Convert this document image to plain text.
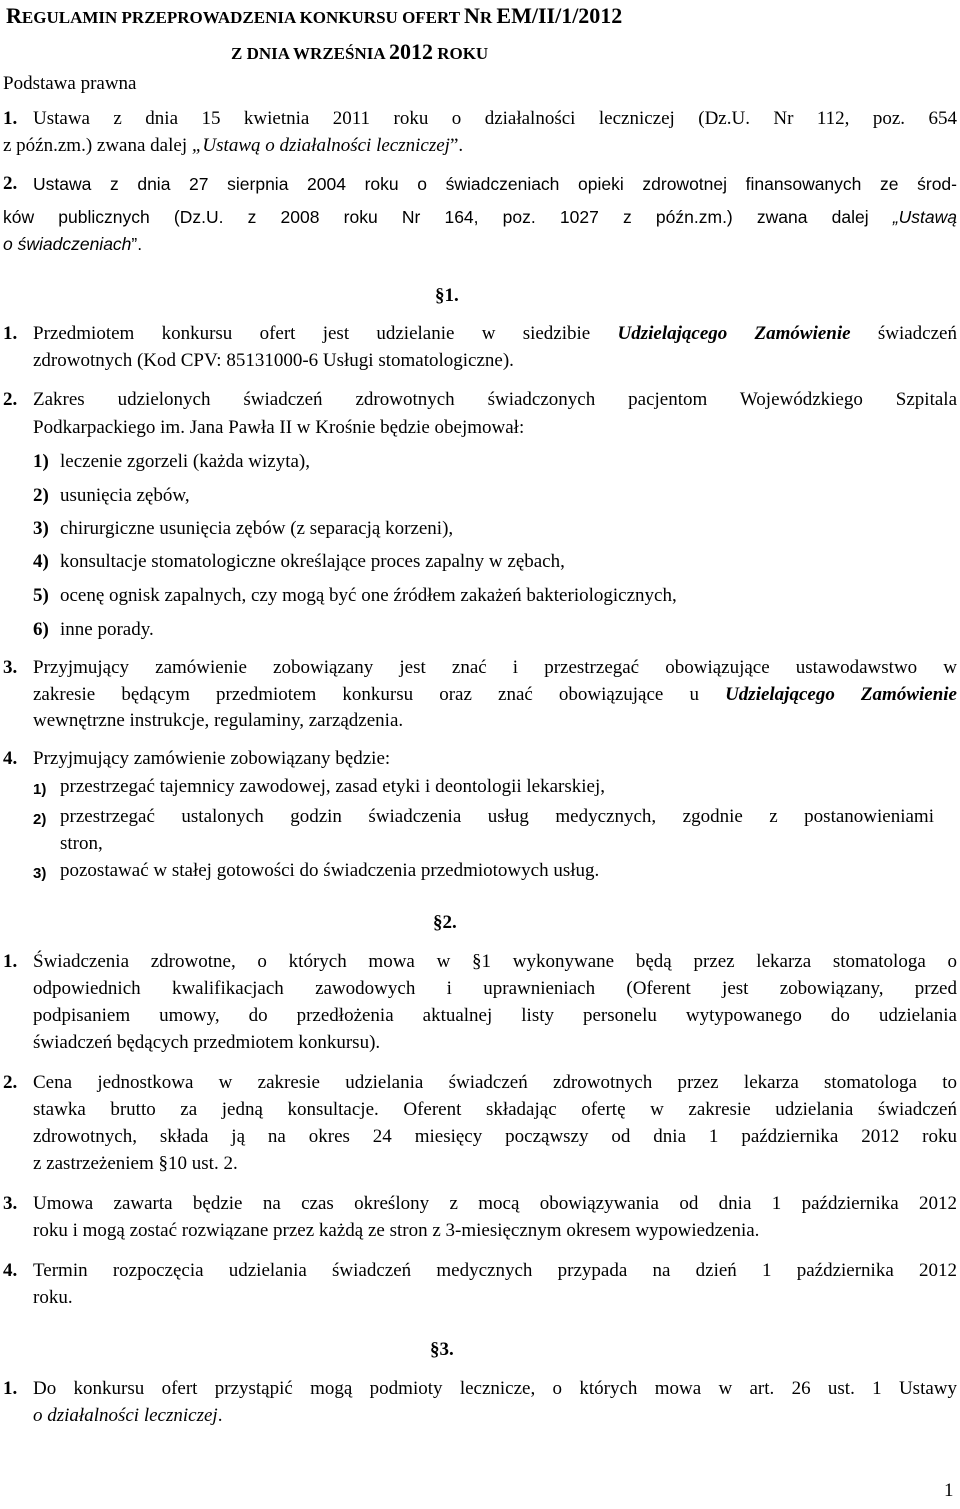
REGULAMIN PRZEPROWADZENIA KONKURSU OFERT NR EM/II/1/2012
Z DNIA WRZEŚNIA 2012 ROKU
Podstawa prawna
1. Ustawa z dnia 15 kwietnia 2011 roku o działalności leczniczej (Dz.U. Nr 112, poz. 654
z późn.zm.) zwana dalej „Ustawą o działalności leczniczej”.
2. Ustawa z dnia 27 sierpnia 2004 roku o świadczeniach opieki zdrowotnej finansowanych ze środ-
ków publicznych (Dz.U. z 2008 roku Nr 164, poz. 1027 z późn.zm.) zwana dalej „Ustawą
o świadczeniach”.
§1.
1. Przedmiotem konkursu ofert jest udzielanie w siedzibie Udzielającego Zamówienie świadczeń
zdrowotnych (Kod CPV: 85131000-6 Usługi stomatologiczne).
2. Zakres udzielonych świadczeń zdrowotnych świadczonych pacjentom Wojewódzkiego Szpitala
Podkarpackiego im. Jana Pawła II w Krośnie będzie obejmował:
1) leczenie zgorzeli (każda wizyta),
2) usunięcia zębów,
3) chirurgiczne usunięcia zębów (z separacją korzeni),
4) konsultacje stomatologiczne określające proces zapalny w zębach,
5) ocenę ognisk zapalnych, czy mogą być one źródłem zakażeń bakteriologicznych,
6) inne porady.
3. Przyjmujący zamówienie zobowiązany jest znać i przestrzegać obowiązujące ustawodawstwo w
zakresie będącym przedmiotem konkursu oraz znać obowiązujące u Udzielającego Zamówienie
wewnętrzne instrukcje, regulaminy, zarządzenia.
4. Przyjmujący zamówienie zobowiązany będzie:
1) przestrzegać tajemnicy zawodowej, zasad etyki i deontologii lekarskiej,
2) przestrzegać ustalonych godzin świadczenia usług medycznych, zgodnie z postanowieniami
stron,
3) pozostawać w stałej gotowości do świadczenia przedmiotowych usług.
§2.
1. Świadczenia zdrowotne, o których mowa w §1 wykonywane będą przez lekarza stomatologa o
odpowiednich kwalifikacjach zawodowych i uprawnieniach (Oferent jest zobowiązany, przed
podpisaniem umowy, do przedłożenia aktualnej listy personelu wytypowanego do udzielania
świadczeń będących przedmiotem konkursu).
2. Cena jednostkowa w zakresie udzielania świadczeń zdrowotnych przez lekarza stomatologa to
stawka brutto za jedną konsultacje. Oferent składając ofertę w zakresie udzielania świadczeń
zdrowotnych, składa ją na okres 24 miesięcy począwszy od dnia 1 października 2012 roku
z zastrzeżeniem §10 ust. 2.
3. Umowa zawarta będzie na czas określony z mocą obowiązywania od dnia 1 października 2012
roku i mogą zostać rozwiązane przez każdą ze stron z 3-miesięcznym okresem wypowiedzenia.
4. Termin rozpoczęcia udzielania świadczeń medycznych przypada na dzień 1 października 2012
roku.
§3.
1. Do konkursu ofert przystąpić mogą podmioty lecznicze, o których mowa w art. 26 ust. 1 Ustawy
o działalności leczniczej.
1
